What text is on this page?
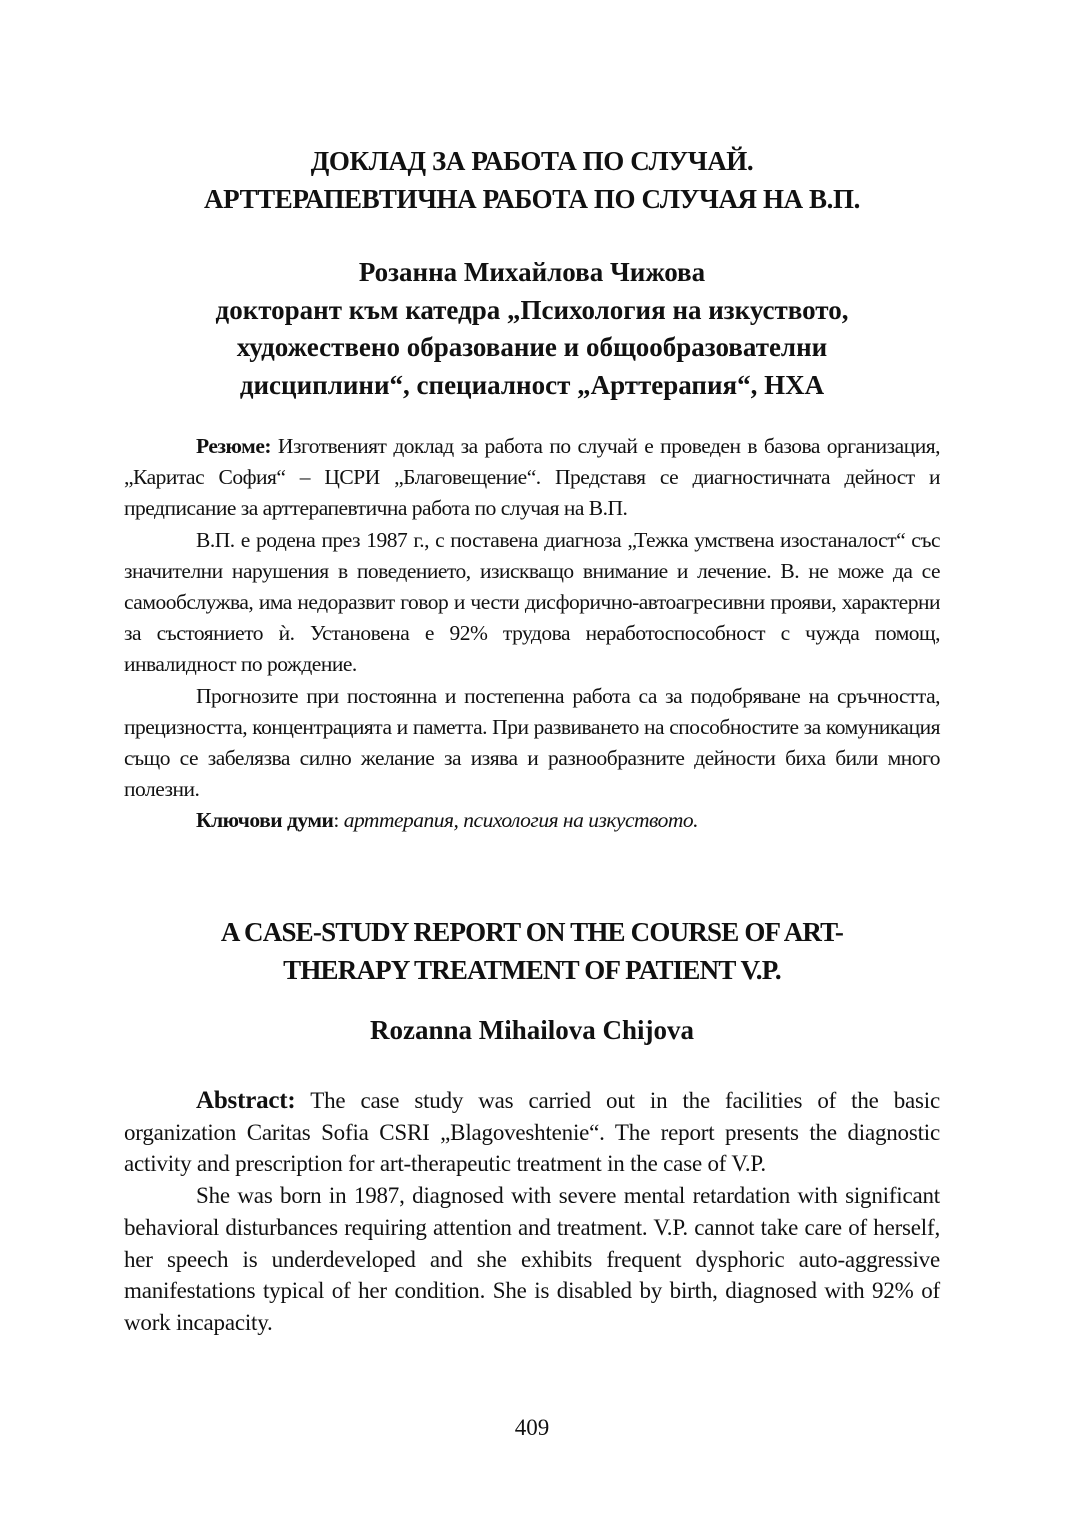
ДОКЛАД ЗА РАБОТА ПО СЛУЧАЙ.
АРТТЕРАПЕВТИЧНА РАБОТА ПО СЛУЧАЯ НА В.П.
Розанна Михайлова Чижова
докторант към катедра „Психология на изкуството,
художествено образование и общообразователни
дисциплини“, специалност „Арттерапия“, НХА

Резюме: Изготвеният доклад за работа по случай е проведен в базова организация, „Каритас София“ – ЦСРИ „Благовещение“. Представя се диагностичната дейност и предписание за арттерапевтична работа по случая на В.П.

В.П. е родена през 1987 г., с поставена диагноза „Тежка умствена изостаналост“ със значителни нарушения в поведението, изискващо внимание и лечение. В. не може да се самообслужва, има недоразвит говор и чести дисфорично-автоагресивни прояви, характерни за състоянието ѝ. Установена е 92% трудова неработоспособност с чужда помощ, инвалидност по рождение.

Прогнозите при постоянна и постепенна работа са за подобряване на сръчността, прецизността, концентрацията и паметта. При развиването на способностите за комуникация също се забелязва силно желание за изява и разнообразните дейности биха били много полезни.

Ключови думи: арттерапия, психология на изкуството.

A CASE-STUDY REPORT ON THE COURSE OF ART-
THERAPY TREATMENT OF PATIENT V.P.
Rozanna Mihailova Chijova

Abstract: The case study was carried out in the facilities of the basic organization Caritas Sofia CSRI „Blagoveshtenie“. The report presents the diagnostic activity and prescription for art-therapeutic treatment in the case of V.P.

She was born in 1987, diagnosed with severe mental retardation with significant behavioral disturbances requiring attention and treatment. V.P. cannot take care of herself, her speech is underdeveloped and she exhibits frequent dysphoric auto-aggressive manifestations typical of her condition. She is disabled by birth, diagnosed with 92% of work incapacity.

409
